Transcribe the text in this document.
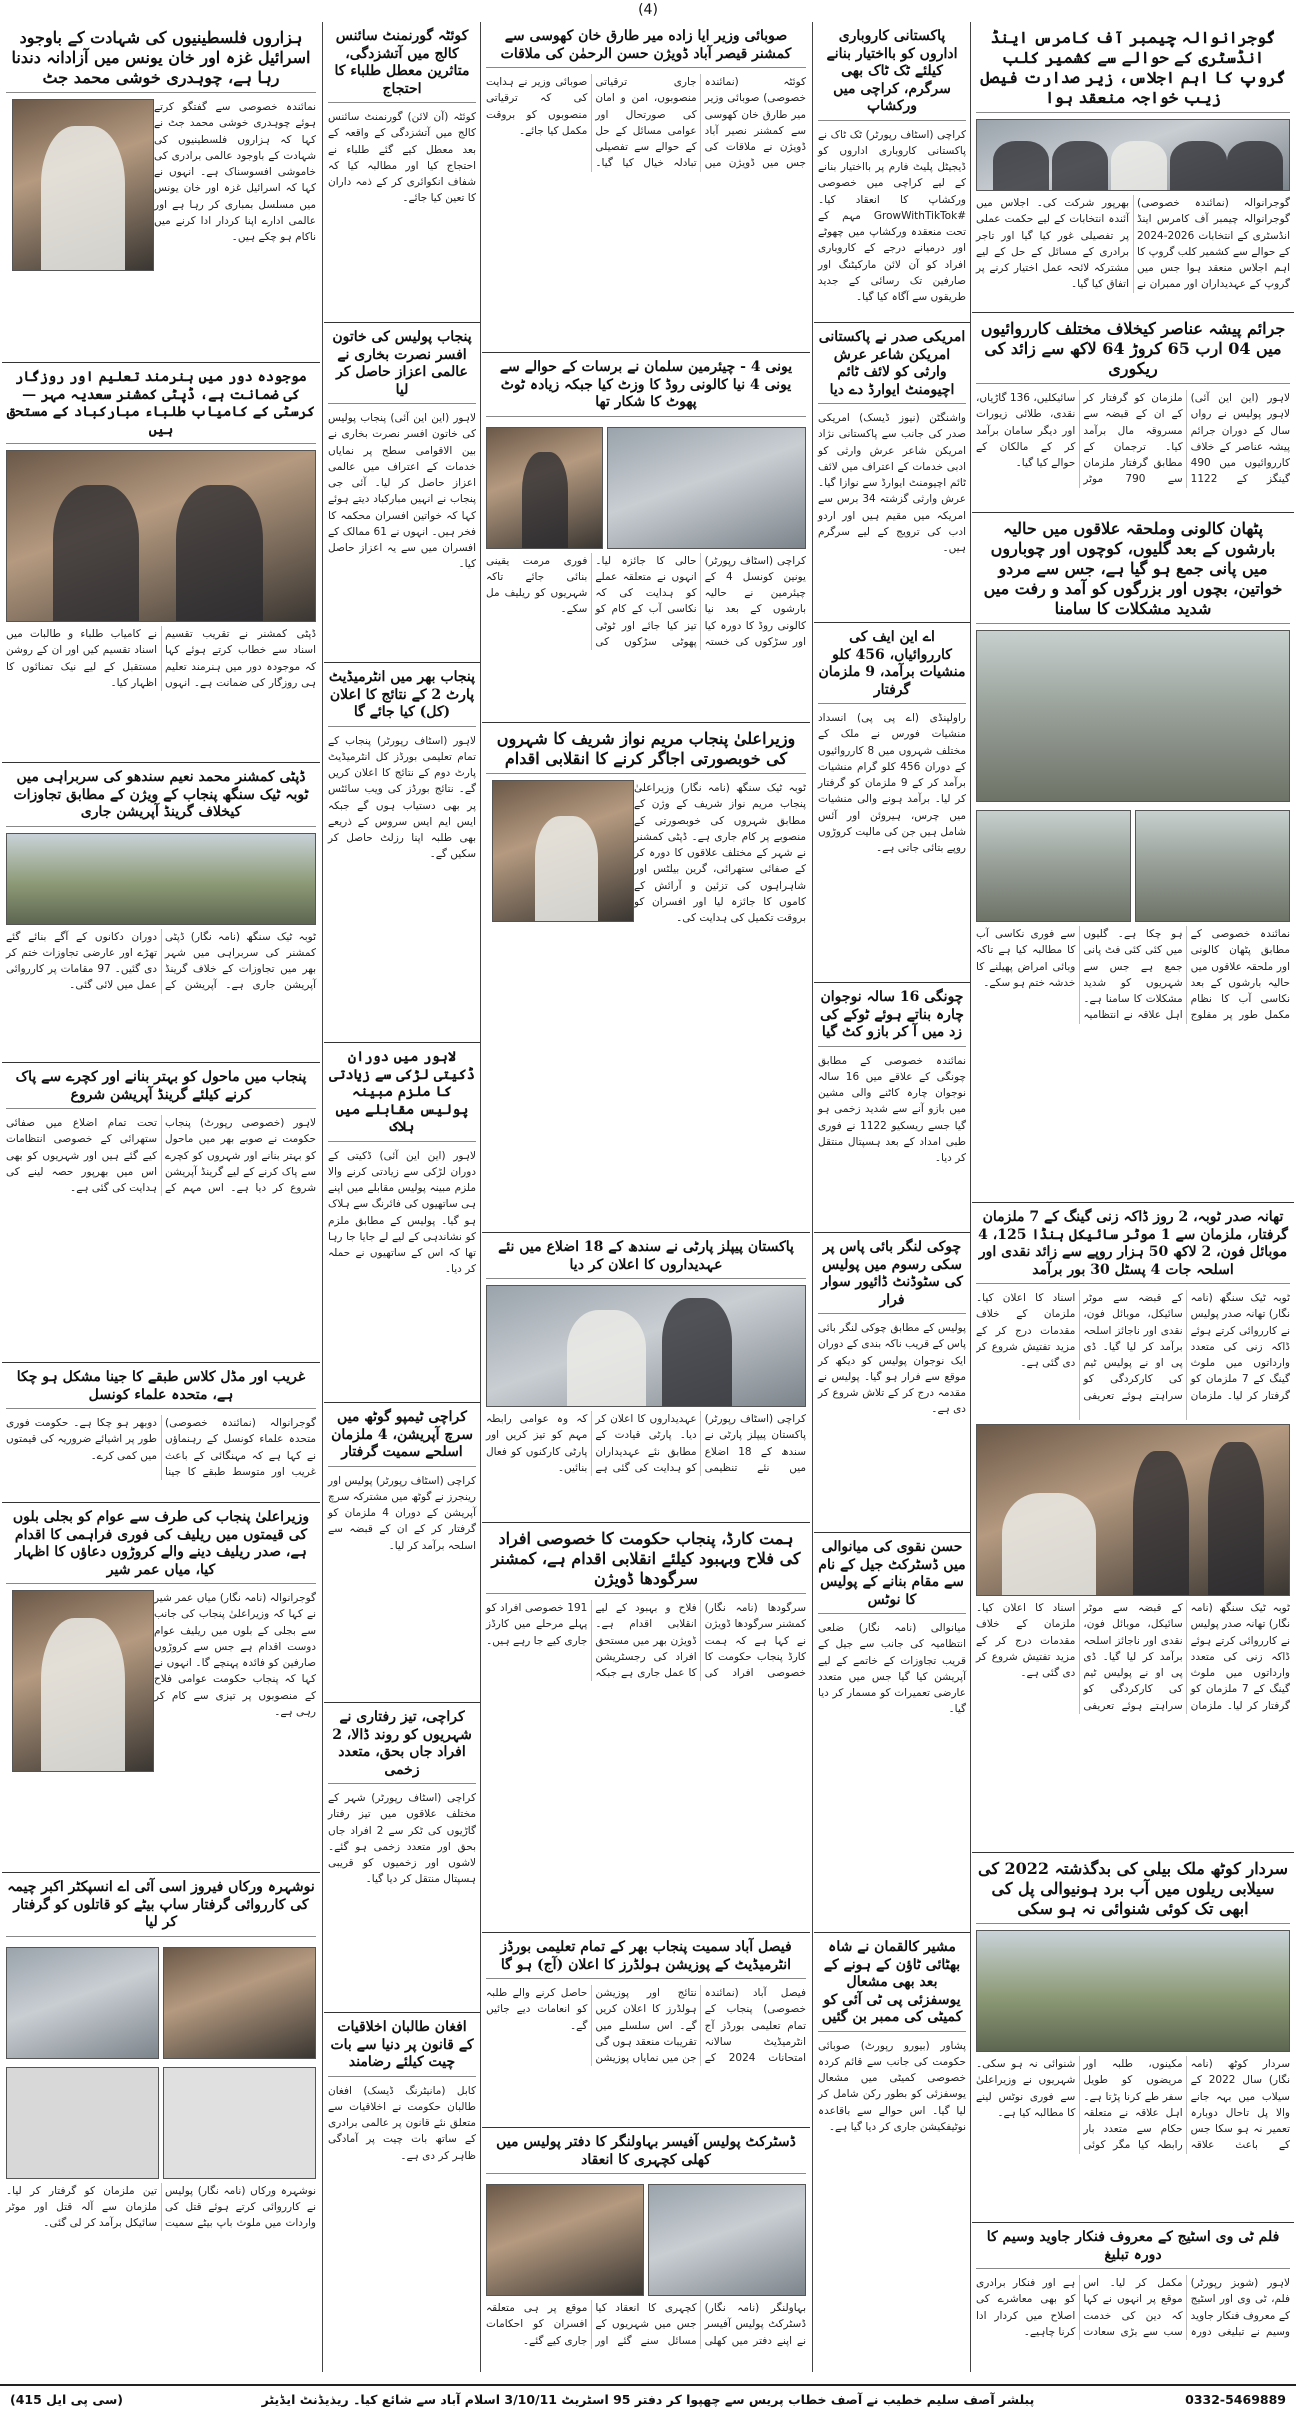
(4)
گوجرانوالہ چیمبر آف کامرس اینڈ انڈسٹری کے حوالے سے کشمیر کلب گروپ کا اہم اجلاس، زیر صدارت فیصل زیب خواجہ منعقد ہوا
گوجرانوالہ (نمائندہ خصوصی) گوجرانوالہ چیمبر آف کامرس اینڈ انڈسٹری کے انتخابات 2026-2024 کے حوالے سے کشمیر کلب گروپ کا اہم اجلاس منعقد ہوا جس میں گروپ کے عہدیداران اور ممبران نے بھرپور شرکت کی۔ اجلاس میں آئندہ انتخابات کے لیے حکمت عملی پر تفصیلی غور کیا گیا اور تاجر برادری کے مسائل کے حل کے لیے مشترکہ لائحہ عمل اختیار کرنے پر اتفاق کیا گیا۔
جرائم پیشہ عناصر کیخلاف مختلف کارروائیوں میں 04 ارب 65 کروڑ 64 لاکھ سے زائد کی ریکوری
لاہور (این این آئی) لاہور پولیس نے رواں سال کے دوران جرائم پیشہ عناصر کے خلاف کارروائیوں میں 490 گینگز کے 1122 ملزمان کو گرفتار کر کے ان کے قبضہ سے مسروقہ مال برآمد کیا۔ ترجمان کے مطابق گرفتار ملزمان سے 790 موٹر سائیکلیں، 136 گاڑیاں، نقدی، طلائی زیورات اور دیگر سامان برآمد کر کے مالکان کے حوالے کیا گیا۔
پٹھان کالونی وملحقہ علاقوں میں حالیہ بارشوں کے بعد گلیوں، کوچوں اور چوباروں میں پانی جمع ہو گیا ہے، جس سے مردو خواتین، بچوں اور بزرگوں کو آمد و رفت میں شدید مشکلات کا سامنا
نمائندہ خصوصی کے مطابق پٹھان کالونی اور ملحقہ علاقوں میں حالیہ بارشوں کے بعد نکاسی آب کا نظام مکمل طور پر مفلوج ہو چکا ہے۔ گلیوں میں کئی کئی فٹ پانی جمع ہے جس سے شہریوں کو شدید مشکلات کا سامنا ہے۔ اہل علاقہ نے انتظامیہ سے فوری نکاسی آب کا مطالبہ کیا ہے تاکہ وبائی امراض پھیلنے کا خدشہ ختم ہو سکے۔
تھانہ صدر ٹوبہ، 2 روز ڈاکہ زنی گینگ کے 7 ملزمان گرفتار، ملزمان سے 1 موٹر سائیکل ہنڈا 125، 4 موبائل فون، 2 لاکھ 50 ہزار روپے سے زائد نقدی اور اسلحہ جات 4 پسٹل 30 بور برآمد
ٹوبہ ٹیک سنگھ (نامہ نگار) تھانہ صدر پولیس نے کارروائی کرتے ہوئے ڈاکہ زنی کی متعدد وارداتوں میں ملوث گینگ کے 7 ملزمان کو گرفتار کر لیا۔ ملزمان کے قبضہ سے موٹر سائیکل، موبائل فون، نقدی اور ناجائز اسلحہ برآمد کر لیا گیا۔ ڈی پی او نے پولیس ٹیم کی کارکردگی کو سراہتے ہوئے تعریفی اسناد کا اعلان کیا۔ ملزمان کے خلاف مقدمات درج کر کے مزید تفتیش شروع کر دی گئی ہے۔
ٹوبہ ٹیک سنگھ (نامہ نگار) تھانہ صدر پولیس نے کارروائی کرتے ہوئے ڈاکہ زنی کی متعدد وارداتوں میں ملوث گینگ کے 7 ملزمان کو گرفتار کر لیا۔ ملزمان کے قبضہ سے موٹر سائیکل، موبائل فون، نقدی اور ناجائز اسلحہ برآمد کر لیا گیا۔ ڈی پی او نے پولیس ٹیم کی کارکردگی کو سراہتے ہوئے تعریفی اسناد کا اعلان کیا۔ ملزمان کے خلاف مقدمات درج کر کے مزید تفتیش شروع کر دی گئی ہے۔
سردار کوٹھ ملک بیلی کی بدگذشتہ 2022 کی سیلابی ریلوں میں آب برد ہونیوالی پل کی ابھی تک کوئی شنوائی نہ ہو سکی
سردار کوٹھ (نامہ نگار) سال 2022 کے سیلاب میں بہہ جانے والا پل تاحال دوبارہ تعمیر نہ ہو سکا جس کے باعث علاقہ مکینوں، طلبہ اور مریضوں کو طویل سفر طے کرنا پڑتا ہے۔ اہل علاقہ نے متعلقہ حکام سے متعدد بار رابطہ کیا مگر کوئی شنوائی نہ ہو سکی۔ شہریوں نے وزیراعلیٰ سے فوری نوٹس لینے کا مطالبہ کیا ہے۔
فلم ٹی وی اسٹیج کے معروف فنکار جاوید وسیم کا دورہ تبلیغ
لاہور (شوبز رپورٹر) فلم، ٹی وی اور اسٹیج کے معروف فنکار جاوید وسیم نے تبلیغی دورہ مکمل کر لیا۔ اس موقع پر انہوں نے کہا کہ دین کی خدمت سب سے بڑی سعادت ہے اور فنکار برادری کو بھی معاشرے کی اصلاح میں کردار ادا کرنا چاہیے۔
پاکستانی کاروباری اداروں کو بااختیار بنانے کیلئے ٹک ٹاک بھی سرگرم، کراچی میں ورکشاپ
کراچی (اسٹاف رپورٹر) ٹک ٹاک نے پاکستانی کاروباری اداروں کو ڈیجیٹل پلیٹ فارم پر بااختیار بنانے کے لیے کراچی میں خصوصی ورکشاپ کا انعقاد کیا۔ #GrowWithTikTok مہم کے تحت منعقدہ ورکشاپ میں چھوٹے اور درمیانے درجے کے کاروباری افراد کو آن لائن مارکیٹنگ اور صارفین تک رسائی کے جدید طریقوں سے آگاہ کیا گیا۔
امریکی صدر نے پاکستانی امریکن شاعر عرش وارثی کو لائف ٹائم اچیومنٹ ایوارڈ دے دیا
واشنگٹن (نیوز ڈیسک) امریکی صدر کی جانب سے پاکستانی نژاد امریکن شاعر عرش وارثی کو ادبی خدمات کے اعتراف میں لائف ٹائم اچیومنٹ ایوارڈ سے نوازا گیا۔ عرش وارثی گزشتہ 34 برس سے امریکہ میں مقیم ہیں اور اردو ادب کی ترویج کے لیے سرگرم ہیں۔
اے این ایف کی کارروائیاں، 456 کلو منشیات برآمد، 9 ملزمان گرفتار
راولپنڈی (اے پی پی) انسداد منشیات فورس نے ملک کے مختلف شہروں میں 8 کارروائیوں کے دوران 456 کلو گرام منشیات برآمد کر کے 9 ملزمان کو گرفتار کر لیا۔ برآمد ہونے والی منشیات میں چرس، ہیروئن اور آئس شامل ہیں جن کی مالیت کروڑوں روپے بتائی جاتی ہے۔
چونگی 16 سالہ نوجوان چارہ بناتے ہوئے ٹوکے کی زد میں آ کر بازو کٹ گیا
نمائندہ خصوصی کے مطابق چونگی کے علاقے میں 16 سالہ نوجوان چارہ کاٹنے والی مشین میں بازو آنے سے شدید زخمی ہو گیا جسے ریسکیو 1122 نے فوری طبی امداد کے بعد ہسپتال منتقل کر دیا۔
چوکی لنگر بائی پاس پر سکی رسوم میں پولیس کی سٹوڈنٹ ڈائیور سوار فرار
پولیس کے مطابق چوکی لنگر بائی پاس کے قریب ناکہ بندی کے دوران ایک نوجوان پولیس کو دیکھ کر موقع سے فرار ہو گیا۔ پولیس نے مقدمہ درج کر کے تلاش شروع کر دی ہے۔
حسن نقوی کی میانوالی میں ڈسٹرکٹ جیل کے نام سے مقام بنانے کے پولیس کا نوٹس
میانوالی (نامہ نگار) ضلعی انتظامیہ کی جانب سے جیل کے قریب تجاوزات کے خاتمے کے لیے آپریشن کیا گیا جس میں متعدد عارضی تعمیرات کو مسمار کر دیا گیا۔
مشیر کالقمان نے شاہ بھٹائی ٹاؤن کے ہونے کے بعد بھی مشعال یوسفزئی پی ٹی آئی کو کمیٹی کی ممبر بن گئیں
پشاور (بیورو رپورٹ) صوبائی حکومت کی جانب سے قائم کردہ خصوصی کمیٹی میں مشعال یوسفزئی کو بطور رکن شامل کر لیا گیا۔ اس حوالے سے باقاعدہ نوٹیفکیشن جاری کر دیا گیا ہے۔
صوبائی وزیر ایا زاده میر طارق خان کھوسی سے کمشنر قیصر آباد ڈویژن حسن الرحمٰن کی ملاقات
کوئٹہ (نمائندہ خصوصی) صوبائی وزیر میر طارق خان کھوسی سے کمشنر نصیر آباد ڈویژن نے ملاقات کی جس میں ڈویژن میں جاری ترقیاتی منصوبوں، امن و امان کی صورتحال اور عوامی مسائل کے حل کے حوالے سے تفصیلی تبادلہ خیال کیا گیا۔ صوبائی وزیر نے ہدایت کی کہ ترقیاتی منصوبوں کو بروقت مکمل کیا جائے۔
یونی 4 - چیئرمین سلمان نے برسات کے حوالے سے یونی 4 نیا کالونی روڈ کا وزٹ کیا جبکہ زیادہ ٹوٹ پھوٹ کا شکار تھا
کراچی (اسٹاف رپورٹر) یونین کونسل 4 کے چیئرمین نے حالیہ بارشوں کے بعد نیا کالونی روڈ کا دورہ کیا اور سڑکوں کی خستہ حالی کا جائزہ لیا۔ انہوں نے متعلقہ عملے کو ہدایت کی کہ نکاسی آب کے کام کو تیز کیا جائے اور ٹوٹی پھوٹی سڑکوں کی فوری مرمت یقینی بنائی جائے تاکہ شہریوں کو ریلیف مل سکے۔
وزیراعلیٰ پنجاب مریم نواز شریف کا شہروں کی خوبصورتی اجاگر کرنے کا انقلابی اقدام
ٹوبہ ٹیک سنگھ (نامہ نگار) وزیراعلیٰ پنجاب مریم نواز شریف کے وژن کے مطابق شہروں کی خوبصورتی کے منصوبے پر کام جاری ہے۔ ڈپٹی کمشنر نے شہر کے مختلف علاقوں کا دورہ کر کے صفائی ستھرائی، گرین بیلٹس اور شاہراہوں کی تزئین و آرائش کے کاموں کا جائزہ لیا اور افسران کو بروقت تکمیل کی ہدایت کی۔
پاکستان پیپلز پارٹی نے سندھ کے 18 اضلاع میں نئے عہدیداروں کا اعلان کر دیا
کراچی (اسٹاف رپورٹر) پاکستان پیپلز پارٹی نے سندھ کے 18 اضلاع میں نئے تنظیمی عہدیداروں کا اعلان کر دیا۔ پارٹی قیادت کے مطابق نئے عہدیداران کو ہدایت کی گئی ہے کہ وہ عوامی رابطہ مہم کو تیز کریں اور پارٹی کارکنوں کو فعال بنائیں۔
ہمت کارڈ، پنجاب حکومت کا خصوصی افراد کی فلاح وبہبود کیلئے انقلابی اقدام ہے، کمشنر سرگودھا ڈویژن
سرگودھا (نامہ نگار) کمشنر سرگودھا ڈویژن نے کہا ہے کہ ہمت کارڈ پنجاب حکومت کا خصوصی افراد کی فلاح و بہبود کے لیے انقلابی اقدام ہے۔ ڈویژن بھر میں مستحق افراد کی رجسٹریشن کا عمل جاری ہے جبکہ 191 خصوصی افراد کو پہلے مرحلے میں کارڈز جاری کیے جا رہے ہیں۔
فیصل آباد سمیت پنجاب بھر کے تمام تعلیمی بورڈز انٹرمیڈیٹ کے پوزیشن ہولڈرز کا اعلان (آج) ہو گا
فیصل آباد (نمائندہ خصوصی) پنجاب کے تمام تعلیمی بورڈز آج انٹرمیڈیٹ سالانہ امتحانات 2024 کے نتائج اور پوزیشن ہولڈرز کا اعلان کریں گے۔ اس سلسلے میں تقریبات منعقد ہوں گی جن میں نمایاں پوزیشن حاصل کرنے والے طلبہ کو انعامات دیے جائیں گے۔
ڈسٹرکٹ پولیس آفیسر بہاولنگر کا دفتر پولیس میں کھلی کچہری کا انعقاد
بہاولنگر (نامہ نگار) ڈسٹرکٹ پولیس آفیسر نے اپنے دفتر میں کھلی کچہری کا انعقاد کیا جس میں شہریوں کے مسائل سنے گئے اور موقع پر ہی متعلقہ افسران کو احکامات جاری کیے گئے۔
کوئٹہ گورنمنٹ سائنس کالج میں آتشزدگی، متاثرین معطل طلباء کا احتجاج
کوئٹہ (آن لائن) گورنمنٹ سائنس کالج میں آتشزدگی کے واقعہ کے بعد معطل کیے گئے طلباء نے احتجاج کیا اور مطالبہ کیا کہ شفاف انکوائری کر کے ذمہ داران کا تعین کیا جائے۔
پنجاب پولیس کی خاتون افسر نصرت بخاری نے عالمی اعزاز حاصل کر لیا
لاہور (این این آئی) پنجاب پولیس کی خاتون افسر نصرت بخاری نے بین الاقوامی سطح پر نمایاں خدمات کے اعتراف میں عالمی اعزاز حاصل کر لیا۔ آئی جی پنجاب نے انہیں مبارکباد دیتے ہوئے کہا کہ خواتین افسران محکمہ کا فخر ہیں۔ انہوں نے 61 ممالک کے افسران میں سے یہ اعزاز حاصل کیا۔
پنجاب بھر میں انٹرمیڈیٹ پارٹ 2 کے نتائج کا اعلان (کل) کیا جائے گا
لاہور (اسٹاف رپورٹر) پنجاب کے تمام تعلیمی بورڈز کل انٹرمیڈیٹ پارٹ دوم کے نتائج کا اعلان کریں گے۔ نتائج بورڈز کی ویب سائٹس پر بھی دستیاب ہوں گے جبکہ ایس ایم ایس سروس کے ذریعے بھی طلبہ اپنا رزلٹ حاصل کر سکیں گے۔
لاہور میں دوران ڈکیتی لڑکی سے زیادتی کا ملزم مبینہ پولیس مقابلے میں ہلاک
لاہور (این این آئی) ڈکیتی کے دوران لڑکی سے زیادتی کرنے والا ملزم مبینہ پولیس مقابلے میں اپنے ہی ساتھیوں کی فائرنگ سے ہلاک ہو گیا۔ پولیس کے مطابق ملزم کو نشاندہی کے لیے لے جایا جا رہا تھا کہ اس کے ساتھیوں نے حملہ کر دیا۔
کراچی ٹیمپو گوٹھ میں سرچ آپریشن، 4 ملزمان اسلحے سمیت گرفتار
کراچی (اسٹاف رپورٹر) پولیس اور رینجرز نے گوٹھ میں مشترکہ سرچ آپریشن کے دوران 4 ملزمان کو گرفتار کر کے ان کے قبضہ سے اسلحہ برآمد کر لیا۔
کراچی، تیز رفتاری نے شہریوں کو روند ڈالا، 2 افراد جاں بحق، متعدد زخمی
کراچی (اسٹاف رپورٹر) شہر کے مختلف علاقوں میں تیز رفتار گاڑیوں کی ٹکر سے 2 افراد جاں بحق اور متعدد زخمی ہو گئے۔ لاشوں اور زخمیوں کو قریبی ہسپتال منتقل کر دیا گیا۔
افغان طالبان اخلاقیات کے قانون پر دنیا سے بات چیت کیلئے رضامند
کابل (مانیٹرنگ ڈیسک) افغان طالبان حکومت نے اخلاقیات سے متعلق نئے قانون پر عالمی برادری کے ساتھ بات چیت پر آمادگی ظاہر کر دی ہے۔
ہزاروں فلسطینیوں کی شہادت کے باوجود اسرائیل غزہ اور خان یونس میں آزادانہ دندنا رہا ہے، چوہدری خوشی محمد جٹ
نمائندہ خصوصی سے گفتگو کرتے ہوئے چوہدری خوشی محمد جٹ نے کہا کہ ہزاروں فلسطینیوں کی شہادت کے باوجود عالمی برادری کی خاموشی افسوسناک ہے۔ انہوں نے کہا کہ اسرائیل غزہ اور خان یونس میں مسلسل بمباری کر رہا ہے اور عالمی ادارے اپنا کردار ادا کرنے میں ناکام ہو چکے ہیں۔
موجودہ دور میں ہنرمند تعلیم اور روزگار کی ضمانت ہے، ڈپٹی کمشنر سعدیہ مہر — کرسٹی کے کامیاب طلباء مبارکباد کے مستحق ہیں
ڈپٹی کمشنر نے تقریب تقسیم اسناد سے خطاب کرتے ہوئے کہا کہ موجودہ دور میں ہنرمند تعلیم ہی روزگار کی ضمانت ہے۔ انہوں نے کامیاب طلباء و طالبات میں اسناد تقسیم کیں اور ان کے روشن مستقبل کے لیے نیک تمنائوں کا اظہار کیا۔
ڈپٹی کمشنر محمد نعیم سندھو کی سربراہی میں ٹوبہ ٹیک سنگھ پنجاب کے ویژن کے مطابق تجاوزات کیخلاف گرینڈ آپریشن جاری
ٹوبہ ٹیک سنگھ (نامہ نگار) ڈپٹی کمشنر کی سربراہی میں شہر بھر میں تجاوزات کے خلاف گرینڈ آپریشن جاری ہے۔ آپریشن کے دوران دکانوں کے آگے بنائے گئے تھڑے اور عارضی تجاوزات ختم کر دی گئیں۔ 97 مقامات پر کارروائی عمل میں لائی گئی۔
پنجاب میں ماحول کو بہتر بنانے اور کچرے سے پاک کرنے کیلئے گرینڈ آپریشن شروع
لاہور (خصوصی رپورٹ) پنجاب حکومت نے صوبے بھر میں ماحول کو بہتر بنانے اور شہروں کو کچرے سے پاک کرنے کے لیے گرینڈ آپریشن شروع کر دیا ہے۔ اس مہم کے تحت تمام اضلاع میں صفائی ستھرائی کے خصوصی انتظامات کیے گئے ہیں اور شہریوں کو بھی اس میں بھرپور حصہ لینے کی ہدایت کی گئی ہے۔
غریب اور مڈل کلاس طبقے کا جینا مشکل ہو چکا ہے، متحدہ علماء کونسل
گوجرانوالہ (نمائندہ خصوصی) متحدہ علماء کونسل کے رہنماؤں نے کہا ہے کہ مہنگائی کے باعث غریب اور متوسط طبقے کا جینا دوبھر ہو چکا ہے۔ حکومت فوری طور پر اشیائے ضروریہ کی قیمتوں میں کمی کرے۔
وزیراعلیٰ پنجاب کی طرف سے عوام کو بجلی بلوں کی قیمتوں میں ریلیف کی فوری فراہمی کا اقدام ہے، صدر ریلیف دینے والے کروڑوں دعاؤں کا اظہار کیا، میاں عمر شیر
گوجرانوالہ (نامہ نگار) میاں عمر شیر نے کہا کہ وزیراعلیٰ پنجاب کی جانب سے بجلی کے بلوں میں ریلیف عوام دوست اقدام ہے جس سے کروڑوں صارفین کو فائدہ پہنچے گا۔ انہوں نے کہا کہ پنجاب حکومت عوامی فلاح کے منصوبوں پر تیزی سے کام کر رہی ہے۔
نوشہرہ ورکاں فیروز اسی آئی اے انسپکٹر اکبر چیمہ کی کارروائی گرفتار ساپ بیٹے کو قاتلوں کو گرفتار کر لیا
نوشہرہ ورکاں (نامہ نگار) پولیس نے کارروائی کرتے ہوئے قتل کی واردات میں ملوث باپ بیٹے سمیت تین ملزمان کو گرفتار کر لیا۔ ملزمان سے آلہ قتل اور موٹر سائیکل برآمد کر لی گئی۔
(سی پی ایل 415)	پبلشر آصف سلیم خطیب نے آصف خطاب پریس سے چھپوا کر دفتر 95 اسٹریٹ 3/10/11 اسلام آباد سے شائع کیا۔ ریذیڈنٹ ایڈیٹر	0332-5469889
